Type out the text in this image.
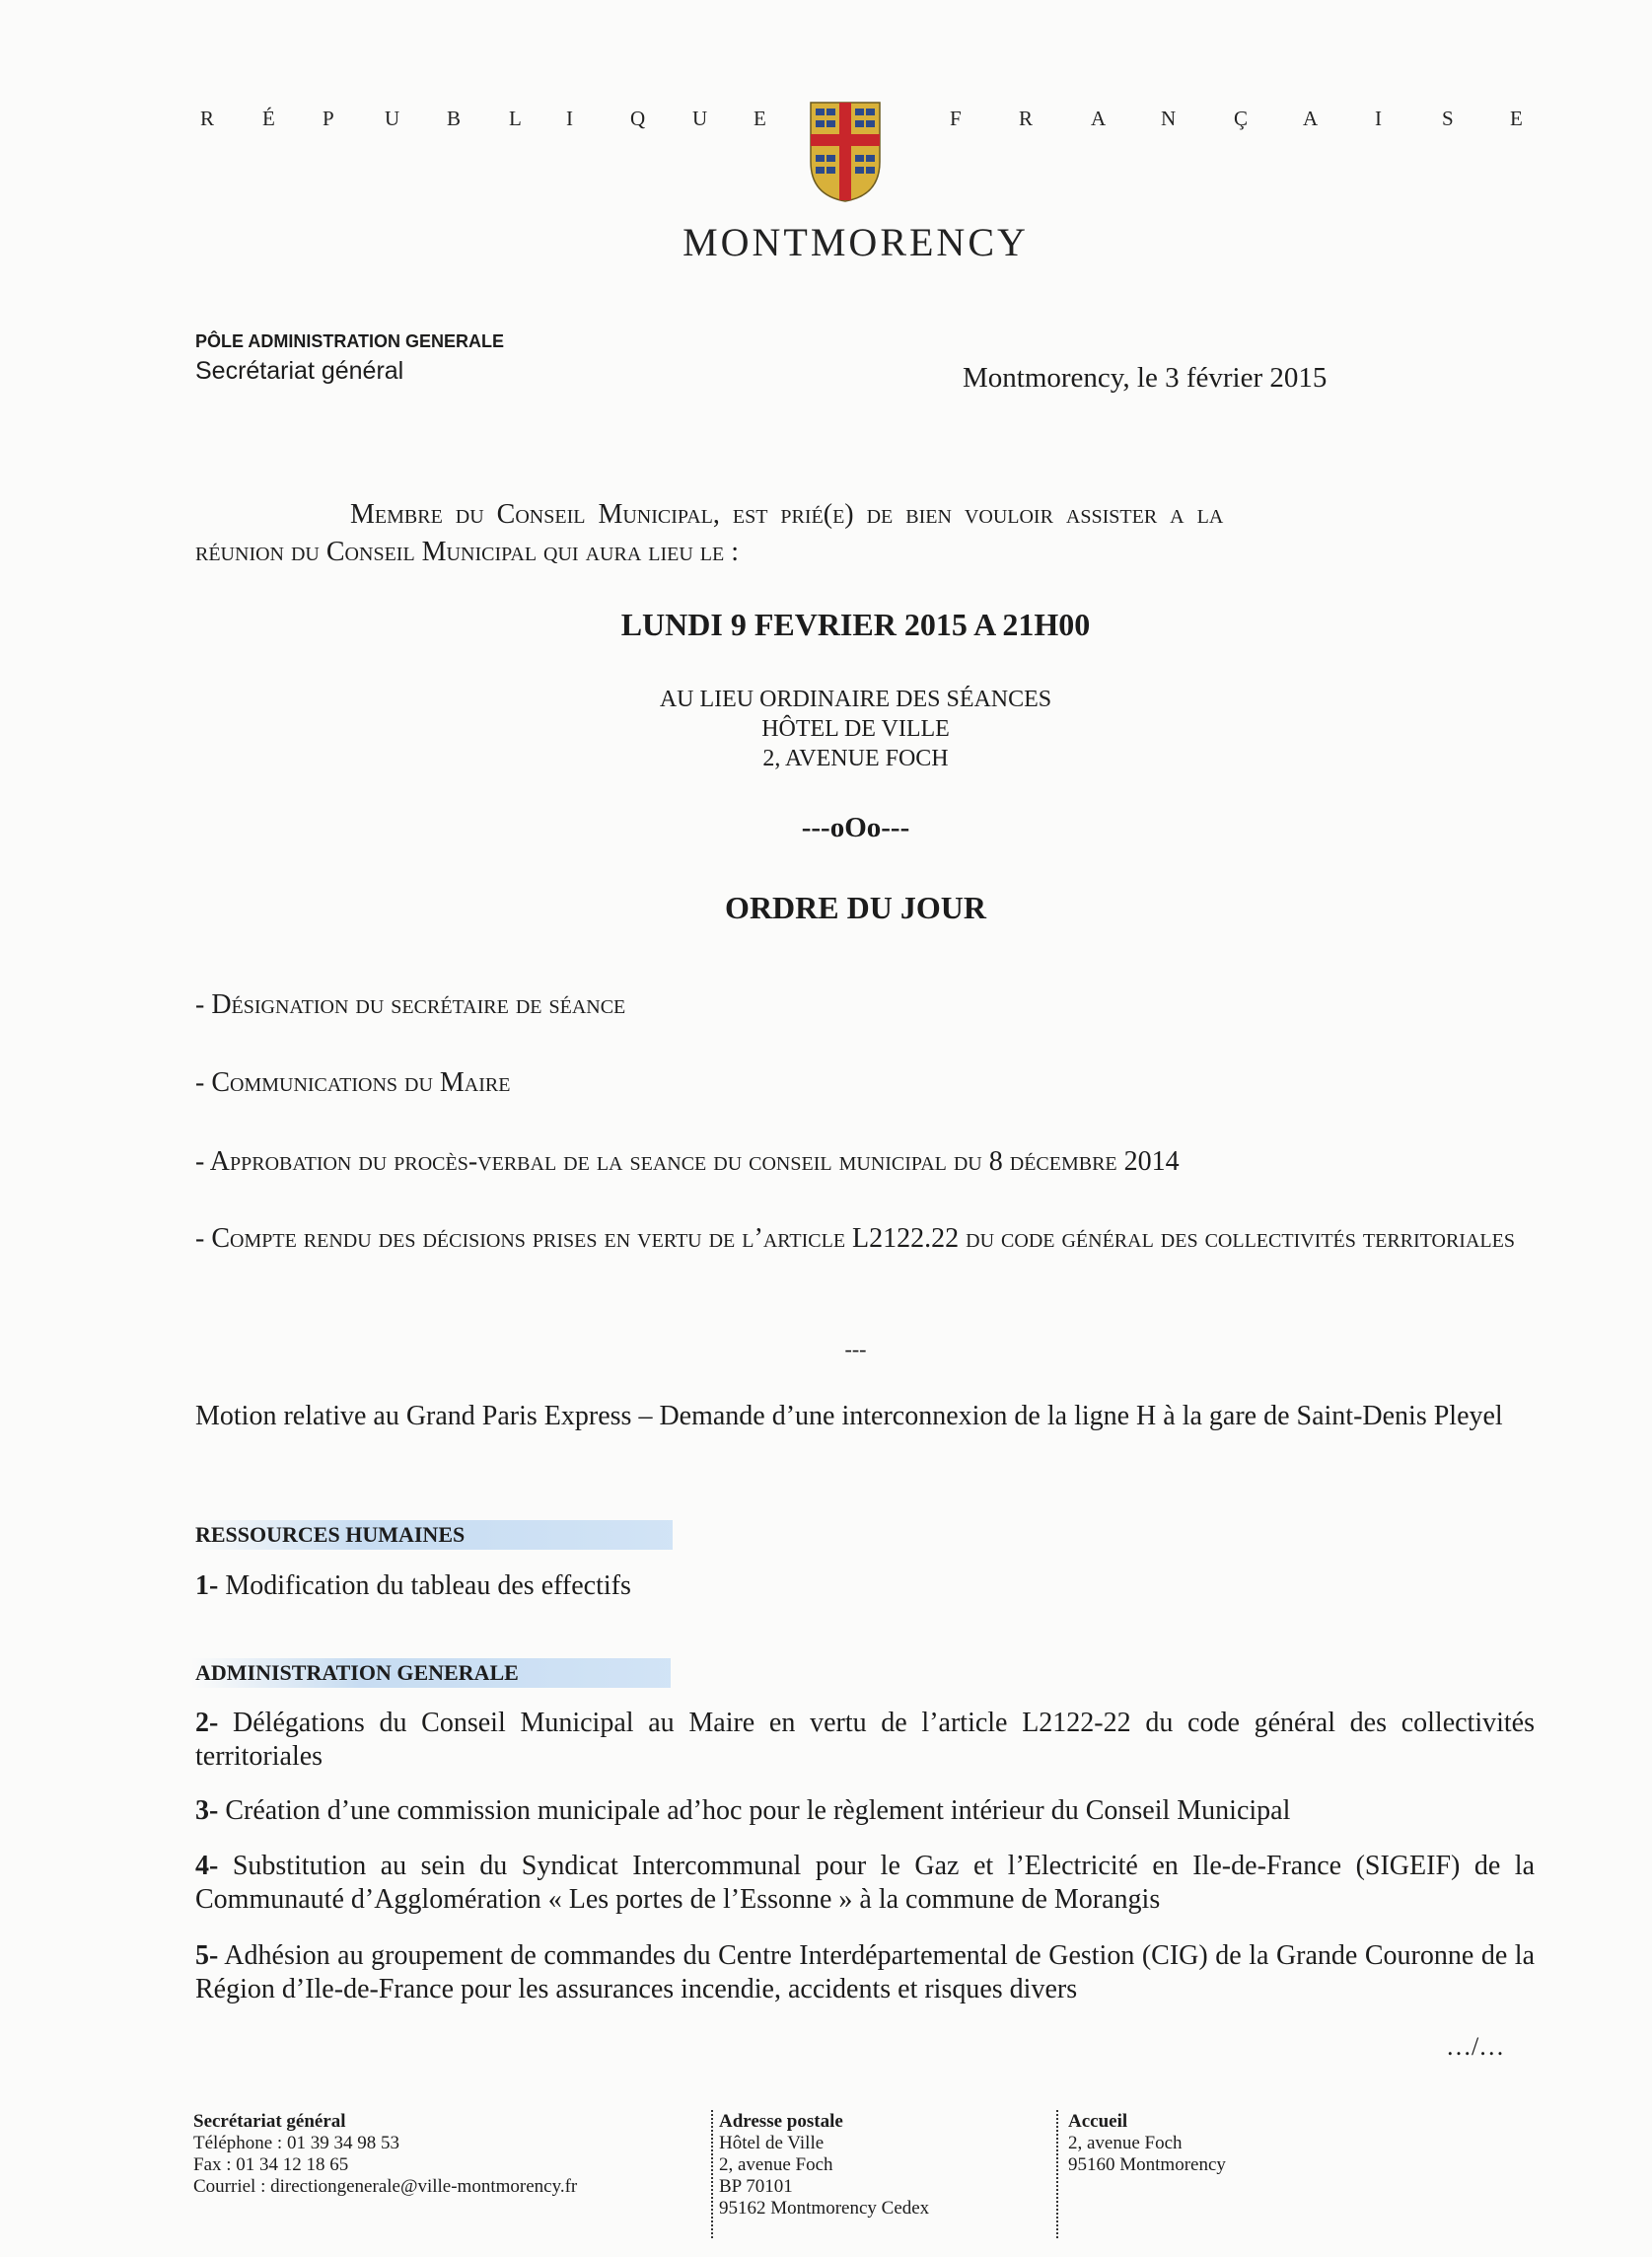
R É P U B L I	Q U E	F	R	A	N	Ç	A	I	S	E
MONTMORENCY
PÔLE ADMINISTRATION GENERALE
Secrétariat général	Montmorency, le 3 février 2015
Membre du Conseil Municipal, est prié(e) de bien vouloir assister a la
réunion du Conseil Municipal qui aura lieu le :
LUNDI 9 FEVRIER 2015 A 21H00
AU LIEU ORDINAIRE DES SÉANCES
HÔTEL DE VILLE
2, AVENUE FOCH
---oOo---
ORDRE DU JOUR
- Désignation du secrétaire de séance
- Communications du Maire
- Approbation du procès-verbal de la seance du conseil municipal du 8 décembre 2014
- Compte rendu des décisions prises en vertu de l’article L2122.22 du code général des collectivités territoriales
---
Motion relative au Grand Paris Express – Demande d’une interconnexion de la ligne H à la gare de Saint-Denis Pleyel
RESSOURCES HUMAINES
1- Modification du tableau des effectifs
ADMINISTRATION GENERALE
2- Délégations du Conseil Municipal au Maire en vertu de l’article L2122-22 du code général des collectivités territoriales
3- Création d’une commission municipale ad’hoc pour le règlement intérieur du Conseil Municipal
4- Substitution au sein du Syndicat Intercommunal pour le Gaz et l’Electricité en Ile-de-France (SIGEIF) de la Communauté d’Agglomération « Les portes de l’Essonne » à la commune de Morangis
5- Adhésion au groupement de commandes du Centre Interdépartemental de Gestion (CIG) de la Grande Couronne de la Région d’Ile-de-France pour les assurances incendie, accidents et risques divers
…/…
Secrétariat général
Téléphone : 01 39 34 98 53
Fax : 01 34 12 18 65
Courriel : directiongenerale@ville-montmorency.fr
Adresse postale
Hôtel de Ville
2, avenue Foch
BP 70101
95162 Montmorency Cedex
Accueil
2, avenue Foch
95160 Montmorency
